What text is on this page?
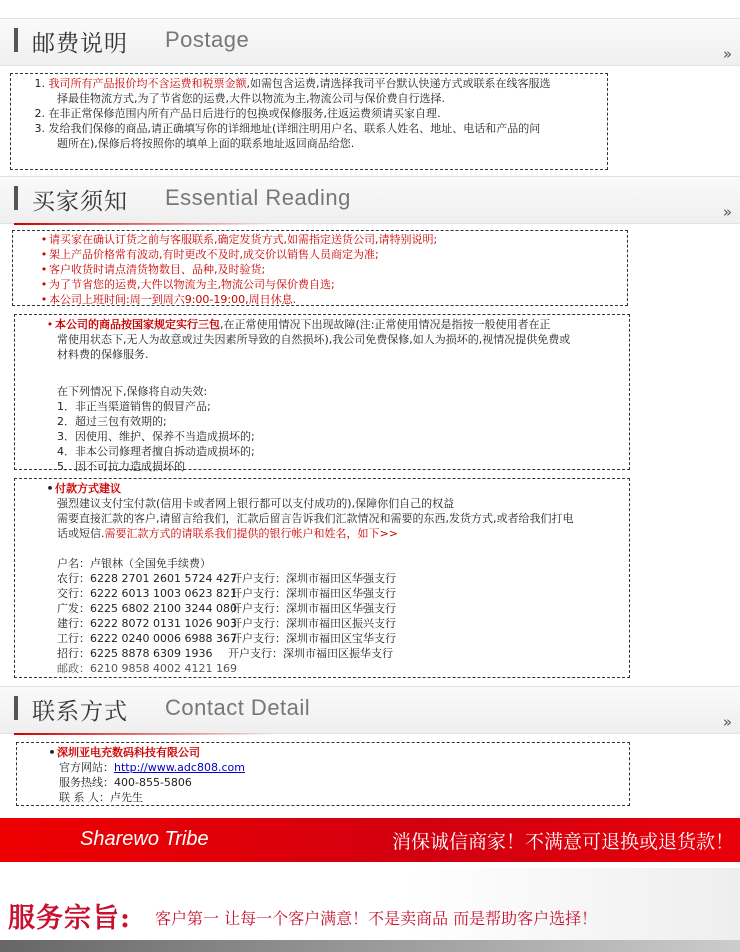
邮费说明 Postage
»
1. 我司所有产品报价均不含运费和税票金额,如需包含运费,请选择我司平台默认快递方式或联系在线客服选
择最佳物流方式,为了节省您的运费,大件以物流为主,物流公司与保价费自行选择.
2. 在非正常保修范围内所有产品日后进行的包换或保修服务,往返运费须请买家自理.
3. 发给我们保修的商品,请正确填写你的详细地址(详细注明用户名、联系人姓名、地址、电话和产品的问
题所在),保修后将按照你的填单上面的联系地址返回商品给您.
买家须知 Essential Reading
»
• 请买家在确认订货之前与客服联系,确定发货方式,如需指定送货公司,请特别说明;
• 架上产品价格常有波动,有时更改不及时,成交价以销售人员商定为准;
• 客户收货时请点清货物数目、品种,及时验货;
• 为了节省您的运费,大件以物流为主,物流公司与保价费自选;
• 本公司上班时间:周一到周六9:00-19:00,周日休息.
• 本公司的商品按国家规定实行三包,在正常使用情况下出现故障(注:正常使用情况是指按一般使用者在正
常使用状态下,无人为故意或过失因素所导致的自然损坏),我公司免费保修,如人为损坏的,视情况提供免费或
材料费的保修服务.
在下列情况下,保修将自动失效:
1．非正当渠道销售的假冒产品;
2．超过三包有效期的;
3．因使用、维护、保养不当造成损坏的;
4．非本公司修理者擅自拆动造成损坏的;
5．因不可抗力造成损坏的
•付款方式建议
强烈建议支付宝付款(信用卡或者网上银行都可以支付成功的),保障你们自己的权益
需要直接汇款的客户,请留言给我们，汇款后留言告诉我们汇款情况和需要的东西,发货方式,或者给我们打电
话或短信.需要汇款方式的请联系我们提供的银行帐户和姓名，如下>>
户名：卢银林（全国免手续费）
农行：6228 2701 2601 5724 427开户支行：深圳市福田区华强支行
交行：6222 6013 1003 0623 821开户支行：深圳市福田区华强支行
广发：6225 6802 2100 3244 080开户支行：深圳市福田区华强支行
建行：6222 8072 0131 1026 903开户支行：深圳市福田区振兴支行
工行：6222 0240 0006 6988 367开户支行：深圳市福田区宝华支行
招行：6225 8878 6309 1936 开户支行：深圳市福田区振华支行
邮政：6210 9858 4002 4121 169
联系方式 Contact Detail
»
•深圳亚电充数码科技有限公司
官方网站：http://www.adc808.com
服务热线：400-855-5806
联 系 人：卢先生
Sharewo Tribe	消保诚信商家！不满意可退换或退货款！
服务宗旨: 客户第一 让每一个客户满意！不是卖商品 而是帮助客户选择！
